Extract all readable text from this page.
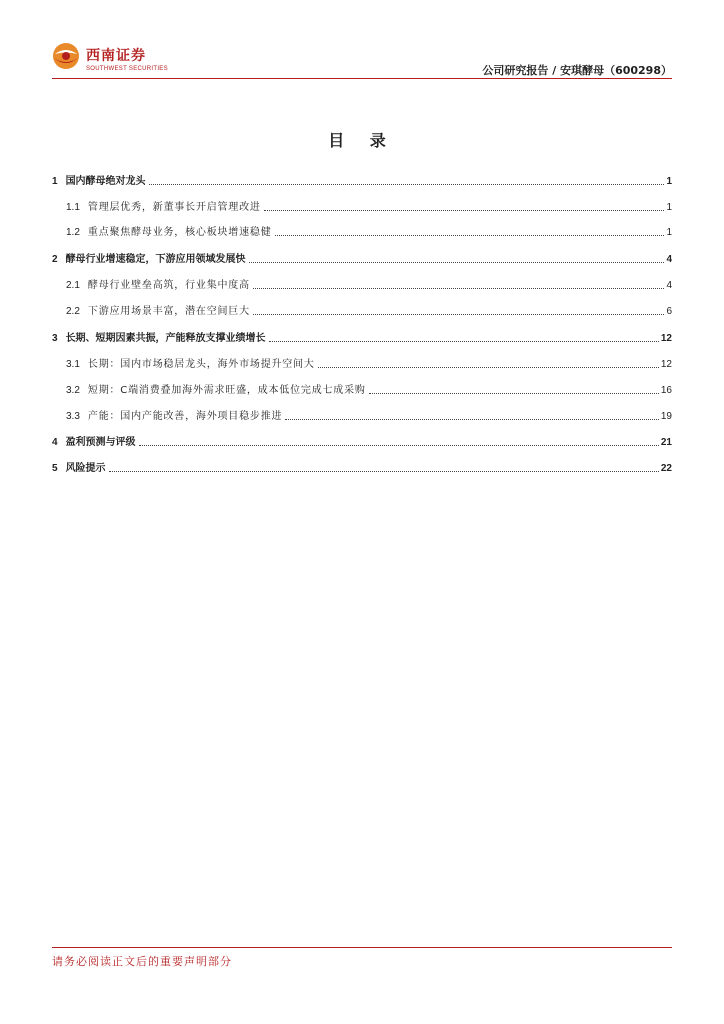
西南证券
SOUTHWEST SECURITIES	公司研究报告 / 安琪酵母（600298）
目 录
1 国内酵母绝对龙头	1
1.1 管理层优秀，新董事长开启管理改进	1
1.2 重点聚焦酵母业务，核心板块增速稳健	1
2 酵母行业增速稳定，下游应用领域发展快	4
2.1 酵母行业壁垒高筑，行业集中度高	4
2.2 下游应用场景丰富，潜在空间巨大	6
3 长期、短期因素共振，产能释放支撑业绩增长	12
3.1 长期：国内市场稳居龙头，海外市场提升空间大	12
3.2 短期：C端消费叠加海外需求旺盛，成本低位完成七成采购	16
3.3 产能：国内产能改善，海外项目稳步推进	19
4 盈利预测与评级	21
5 风险提示	22
请务必阅读正文后的重要声明部分
